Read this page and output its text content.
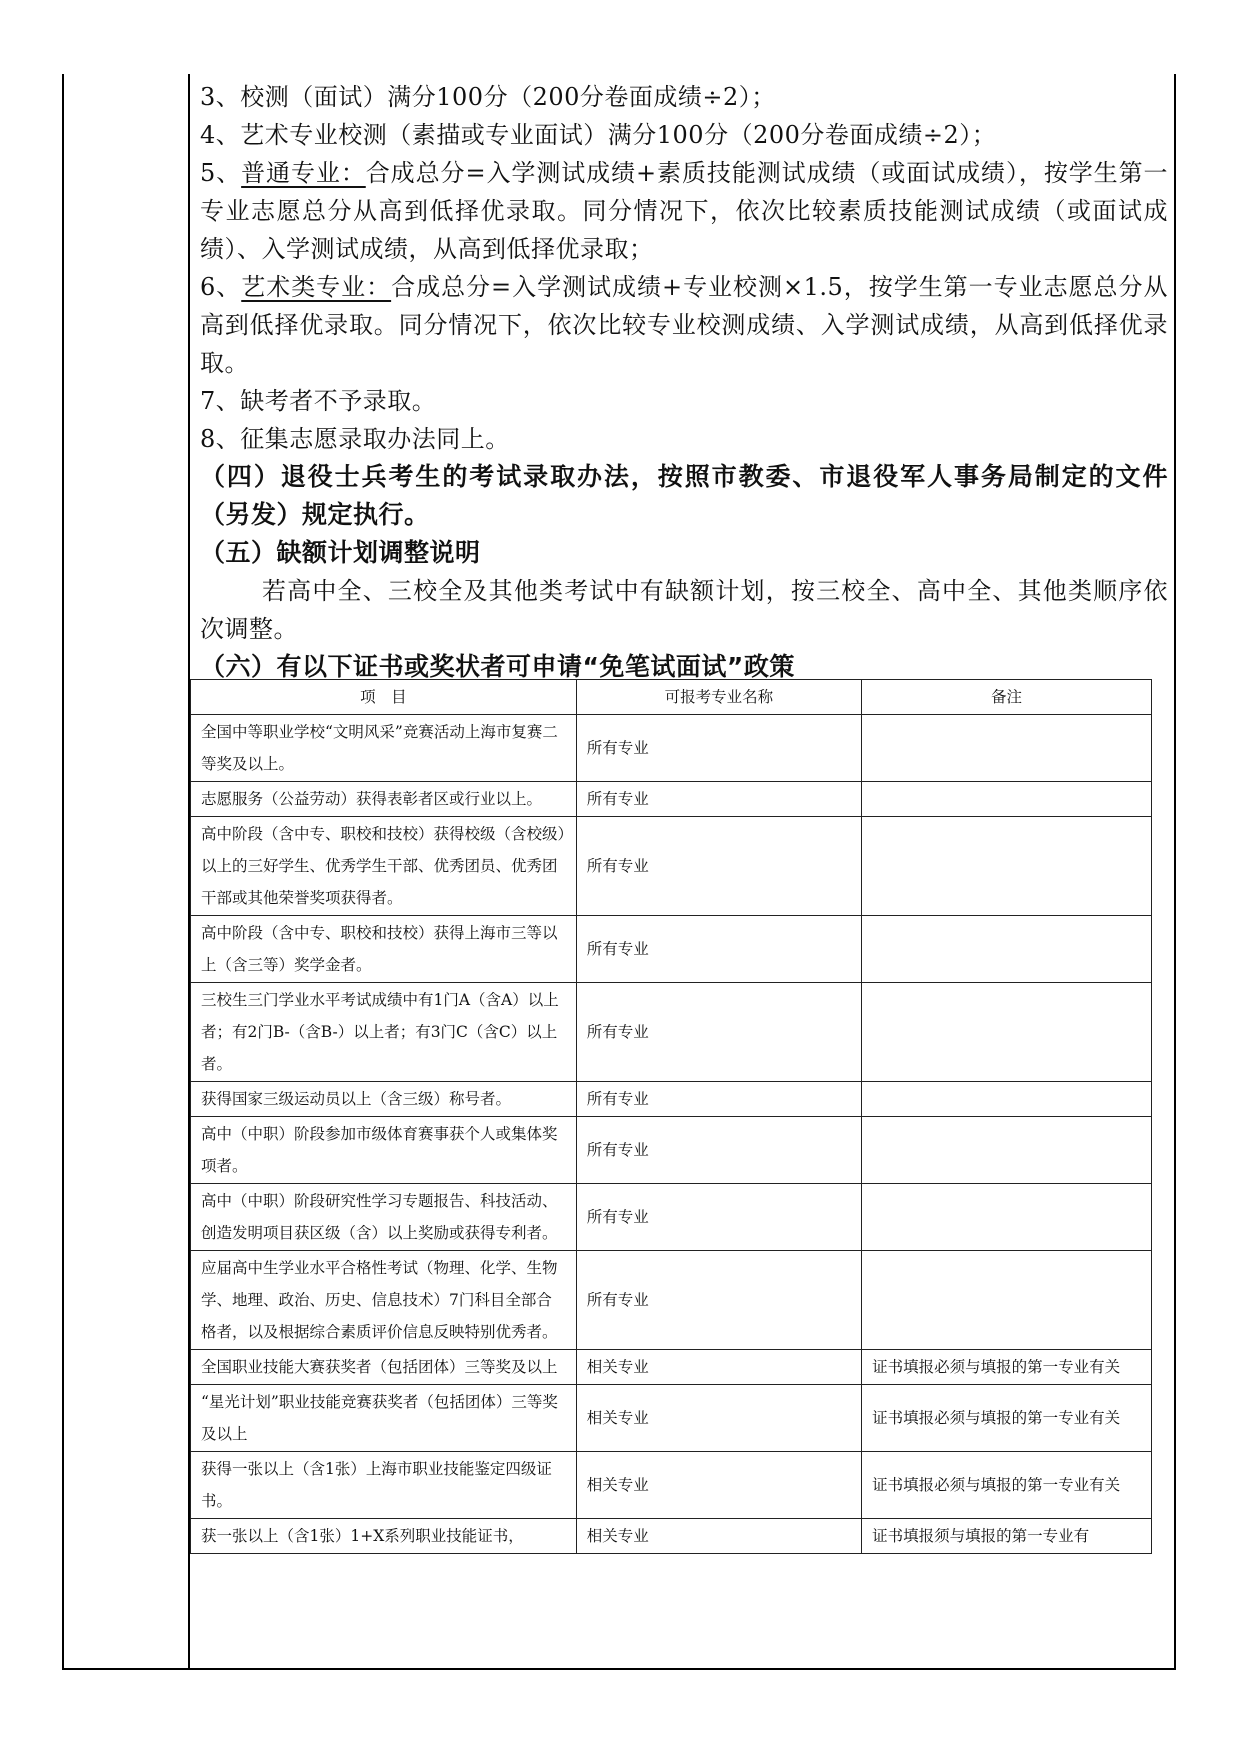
3、校测（面试）满分100分（200分卷面成绩÷2）；
4、艺术专业校测（素描或专业面试）满分100分（200分卷面成绩÷2）；
5、普通专业：合成总分=入学测试成绩+素质技能测试成绩（或面试成绩），按学生第一专业志愿总分从高到低择优录取。同分情况下，依次比较素质技能测试成绩（或面试成绩）、入学测试成绩，从高到低择优录取；
6、艺术类专业：合成总分=入学测试成绩+专业校测×1.5，按学生第一专业志愿总分从高到低择优录取。同分情况下，依次比较专业校测成绩、入学测试成绩，从高到低择优录取。
7、缺考者不予录取。
8、征集志愿录取办法同上。
（四）退役士兵考生的考试录取办法，按照市教委、市退役军人事务局制定的文件（另发）规定执行。
（五）缺额计划调整说明
若高中全、三校全及其他类考试中有缺额计划，按三校全、高中全、其他类顺序依次调整。
（六）有以下证书或奖状者可申请“免笔试面试”政策
项　目	可报考专业名称	备注
全国中等职业学校“文明风采”竞赛活动上海市复赛二等奖及以上。	所有专业	
志愿服务（公益劳动）获得表彰者区或行业以上。	所有专业	
高中阶段（含中专、职校和技校）获得校级（含校级）以上的三好学生、优秀学生干部、优秀团员、优秀团干部或其他荣誉奖项获得者。	所有专业	
高中阶段（含中专、职校和技校）获得上海市三等以上（含三等）奖学金者。	所有专业	
三校生三门学业水平考试成绩中有1门A（含A）以上者；有2门B-（含B-）以上者；有3门C（含C）以上者。	所有专业	
获得国家三级运动员以上（含三级）称号者。	所有专业	
高中（中职）阶段参加市级体育赛事获个人或集体奖项者。	所有专业	
高中（中职）阶段研究性学习专题报告、科技活动、创造发明项目获区级（含）以上奖励或获得专利者。	所有专业	
应届高中生学业水平合格性考试（物理、化学、生物学、地理、政治、历史、信息技术）7门科目全部合格者，以及根据综合素质评价信息反映特别优秀者。	所有专业	
全国职业技能大赛获奖者（包括团体）三等奖及以上	相关专业	证书填报必须与填报的第一专业有关
“星光计划”职业技能竞赛获奖者（包括团体）三等奖及以上	相关专业	证书填报必须与填报的第一专业有关
获得一张以上（含1张）上海市职业技能鉴定四级证书。	相关专业	证书填报必须与填报的第一专业有关
获一张以上（含1张）1+X系列职业技能证书，	相关专业	证书填报须与填报的第一专业有
